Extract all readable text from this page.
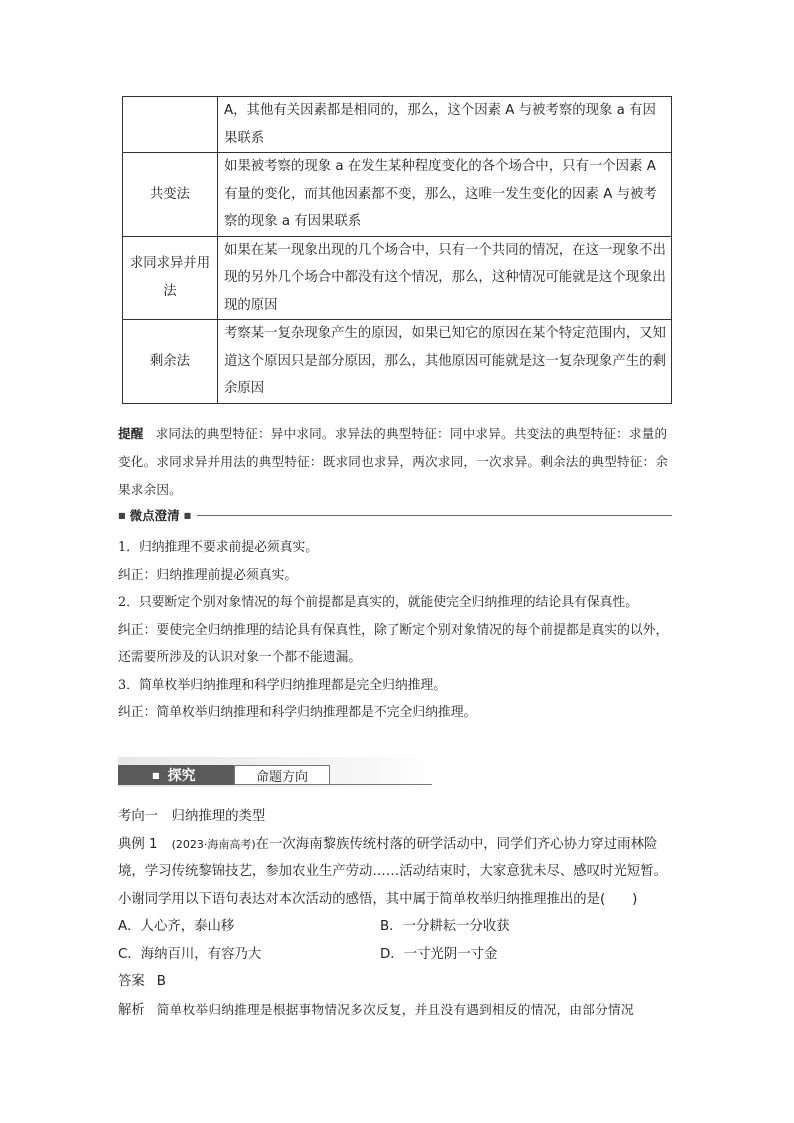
	A，其他有关因素都是相同的，那么，这个因素 A 与被考察的现象 a 有因果联系
共变法	如果被考察的现象 a 在发生某种程度变化的各个场合中，只有一个因素 A 有量的变化，而其他因素都不变，那么，这唯一发生变化的因素 A 与被考察的现象 a 有因果联系
求同求异并用法	如果在某一现象出现的几个场合中，只有一个共同的情况，在这一现象不出现的另外几个场合中都没有这个情况，那么，这种情况可能就是这个现象出现的原因
剩余法	考察某一复杂现象产生的原因，如果已知它的原因在某个特定范围内，又知道这个原因只是部分原因，那么，其他原因可能就是这一复杂现象产生的剩余原因
提醒 求同法的典型特征：异中求同。求异法的典型特征：同中求异。共变法的典型特征：求量的变化。求同求异并用法的典型特征：既求同也求异，两次求同，一次求异。剩余法的典型特征：余果求余因。
■ 微点澄清 ■

1．归纳推理不要求前提必须真实。

纠正：归纳推理前提必须真实。

2．只要断定个别对象情况的每个前提都是真实的，就能使完全归纳推理的结论具有保真性。

纠正：要使完全归纳推理的结论具有保真性，除了断定个别对象情况的每个前提都是真实的以外，还需要所涉及的认识对象一个都不能遗漏。

3．简单枚举归纳推理和科学归纳推理都是完全归纳推理。

纠正：简单枚举归纳推理和科学归纳推理都是不完全归纳推理。

■ 探究	命题方向

考向一　归纳推理的类型

典例 1 (2023·海南高考)在一次海南黎族传统村落的研学活动中，同学们齐心协力穿过雨林险境，学习传统黎锦技艺，参加农业生产劳动……活动结束时，大家意犹未尽、感叹时光短暂。小谢同学用以下语句表达对本次活动的感悟，其中属于简单枚举归纳推理推出的是(　　)

A．人心齐，泰山移	B．一分耕耘一分收获

C．海纳百川，有容乃大	D．一寸光阴一寸金

答案 B

解析 简单枚举归纳推理是根据事物情况多次反复，并且没有遇到相反的情况，由部分情况
